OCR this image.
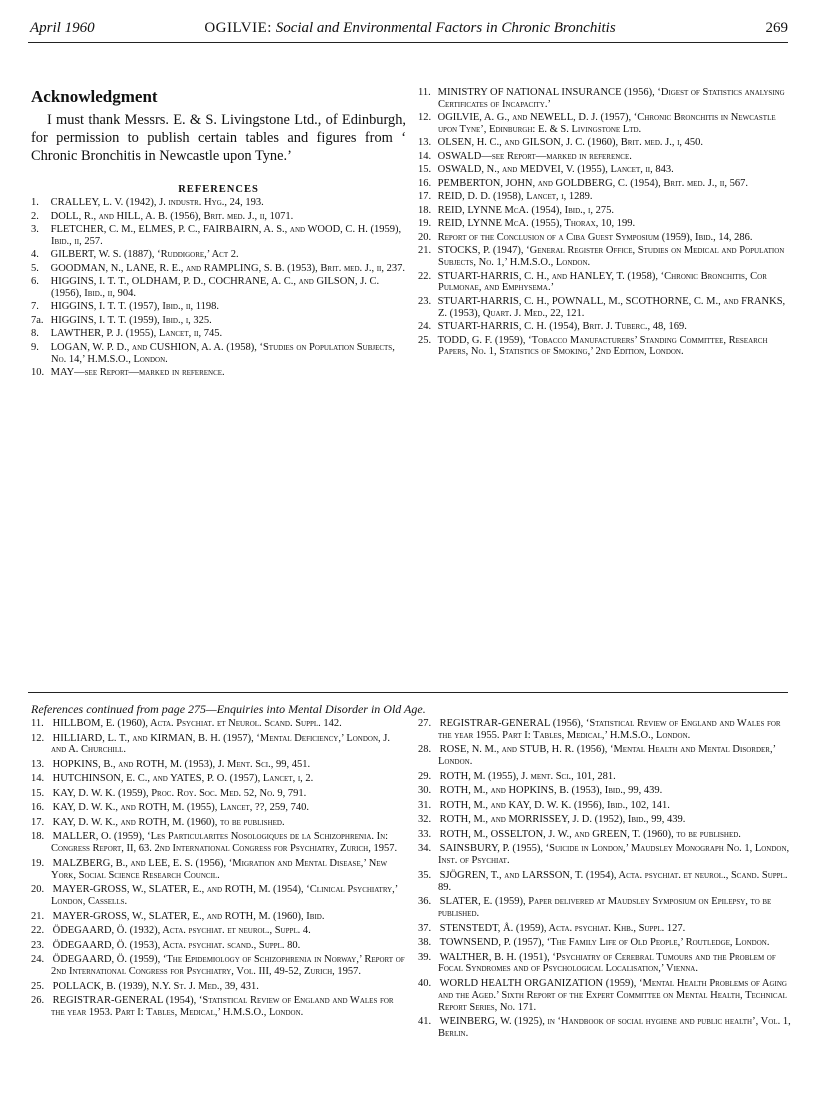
April 1960	OGILVIE: Social and Environmental Factors in Chronic Bronchitis	269
Acknowledgment
I must thank Messrs. E. & S. Livingstone Ltd., of Edinburgh, for permission to publish certain tables and figures from ‘ Chronic Bronchitis in Newcastle upon Tyne.’
REFERENCES
1. CRALLEY, L. V. (1942), J. industr. Hyg., 24, 193.
2. DOLL, R., and HILL, A. B. (1956), Brit. med. J., ii, 1071.
3. FLETCHER, C. M., ELMES, P. C., FAIRBAIRN, A. S., and WOOD, C. H. (1959), Ibid., ii, 257.
4. GILBERT, W. S. (1887), ‘Ruddigore,’ Act 2.
5. GOODMAN, N., LANE, R. E., and RAMPLING, S. B. (1953), Brit. med. J., ii, 237.
6. HIGGINS, I. T. T., OLDHAM, P. D., COCHRANE, A. C., and GILSON, J. C. (1956), Ibid., ii, 904.
7. HIGGINS, I. T. T. (1957), Ibid., ii, 1198.
7a. HIGGINS, I. T. T. (1959), Ibid., i, 325.
8. LAWTHER, P. J. (1955), Lancet, ii, 745.
9. LOGAN, W. P. D., and CUSHION, A. A. (1958), ‘Studies on Population Subjects, No. 14,’ H.M.S.O., London.
10. MAY—see Report—marked in reference.
11. MINISTRY OF NATIONAL INSURANCE (1956), ‘Digest of Statistics analysing Certificates of Incapacity.’
12. OGILVIE, A. G., and NEWELL, D. J. (1957), ‘Chronic Bronchitis in Newcastle upon Tyne’, Edinburgh: E. & S. Livingstone Ltd.
13. OLSEN, H. C., and GILSON, J. C. (1960), Brit. med. J., i, 450.
14. OSWALD—see Report—marked in reference.
15. OSWALD, N., and MEDVEI, V. (1955), Lancet, ii, 843.
16. PEMBERTON, JOHN, and GOLDBERG, C. (1954), Brit. med. J., ii, 567.
17. REID, D. D. (1958), Lancet, i, 1289.
18. REID, LYNNE McA. (1954), Ibid., i, 275.
19. REID, LYNNE McA. (1955), Thorax, 10, 199.
20. Report of the Conclusion of a Ciba Guest Symposium (1959), Ibid., 14, 286.
21. STOCKS, P. (1947), ‘General Register Office, Studies on Medical and Population Subjects, No. 1,’ H.M.S.O., London.
22. STUART-HARRIS, C. H., and HANLEY, T. (1958), ‘Chronic Bronchitis, Cor Pulmonae, and Emphysema.’
23. STUART-HARRIS, C. H., POWNALL, M., SCOTHORNE, C. M., and FRANKS, Z. (1953), Quart. J. Med., 22, 121.
24. STUART-HARRIS, C. H. (1954), Brit. J. Tuberc., 48, 169.
25. TODD, G. F. (1959), ‘Tobacco Manufacturers’ Standing Committee, Research Papers, No. 1, Statistics of Smoking,’ 2nd Edition, London.
References continued from page 275—Enquiries into Mental Disorder in Old Age.
11. HILLBOM, E. (1960), Acta. Psychiat. et Neurol. Scand. Suppl. 142.
12. HILLIARD, L. T., and KIRMAN, B. H. (1957), ‘Mental Deficiency,’ London, J. and A. Churchill.
13. HOPKINS, B., and ROTH, M. (1953), J. Ment. Sci., 99, 451.
14. HUTCHINSON, E. C., and YATES, P. O. (1957), Lancet, i, 2.
15. KAY, D. W. K. (1959), Proc. Roy. Soc. Med. 52, No. 9, 791.
16. KAY, D. W. K., and ROTH, M. (1955), Lancet, ??, 259, 740.
17. KAY, D. W. K., and ROTH, M. (1960), to be published.
18. MALLER, O. (1959), ‘Les Particularites Nosologiques de la Schizophrenia. In: Congress Report, II, 63. 2nd International Congress for Psychiatry, Zurich, 1957.
19. MALZBERG, B., and LEE, E. S. (1956), ‘Migration and Mental Disease,’ New York, Social Science Research Council.
20. MAYER-GROSS, W., SLATER, E., and ROTH, M. (1954), ‘Clinical Psychiatry,’ London, Cassells.
21. MAYER-GROSS, W., SLATER, E., and ROTH, M. (1960), Ibid.
22. ÖDEGAARD, Ö. (1932), Acta. psychiat. et neurol., Suppl. 4.
23. ÖDEGAARD, Ö. (1953), Acta. psychiat. scand., Suppl. 80.
24. ÖDEGAARD, Ö. (1959), ‘The Epidemiology of Schizophrenia in Norway,’ Report of 2nd International Congress for Psychiatry, Vol. III, 49-52, Zurich, 1957.
25. POLLACK, B. (1939), N.Y. St. J. Med., 39, 431.
26. REGISTRAR-GENERAL (1954), ‘Statistical Review of England and Wales for the year 1953. Part I: Tables, Medical,’ H.M.S.O., London.
27. REGISTRAR-GENERAL (1956), ‘Statistical Review of England and Wales for the year 1955. Part I: Tables, Medical,’ H.M.S.O., London.
28. ROSE, N. M., and STUB, H. R. (1956), ‘Mental Health and Mental Disorder,’ London.
29. ROTH, M. (1955), J. ment. Sci., 101, 281.
30. ROTH, M., and HOPKINS, B. (1953), Ibid., 99, 439.
31. ROTH, M., and KAY, D. W. K. (1956), Ibid., 102, 141.
32. ROTH, M., and MORRISSEY, J. D. (1952), Ibid., 99, 439.
33. ROTH, M., OSSELTON, J. W., and GREEN, T. (1960), to be published.
34. SAINSBURY, P. (1955), ‘Suicide in London,’ Maudsley Monograph No. 1, London, Inst. of Psychiat.
35. SJÖGREN, T., and LARSSON, T. (1954), Acta. psychiat. et neurol., Scand. Suppl. 89.
36. SLATER, E. (1959), Paper delivered at Maudsley Symposium on Epilepsy, to be published.
37. STENSTEDT, Å. (1959), Acta. psychiat. Khb., Suppl. 127.
38. TOWNSEND, P. (1957), ‘The Family Life of Old People,’ Routledge, London.
39. WALTHER, B. H. (1951), ‘Psychiatry of Cerebral Tumours and the Problem of Focal Syndromes and of Psychological Localisation,’ Vienna.
40. WORLD HEALTH ORGANIZATION (1959), ‘Mental Health Problems of Aging and the Aged.’ Sixth Report of the Expert Committee on Mental Health, Technical Report Series, No. 171.
41. WEINBERG, W. (1925), in ‘Handbook of social hygiene and public health’, Vol. 1, Berlin.
